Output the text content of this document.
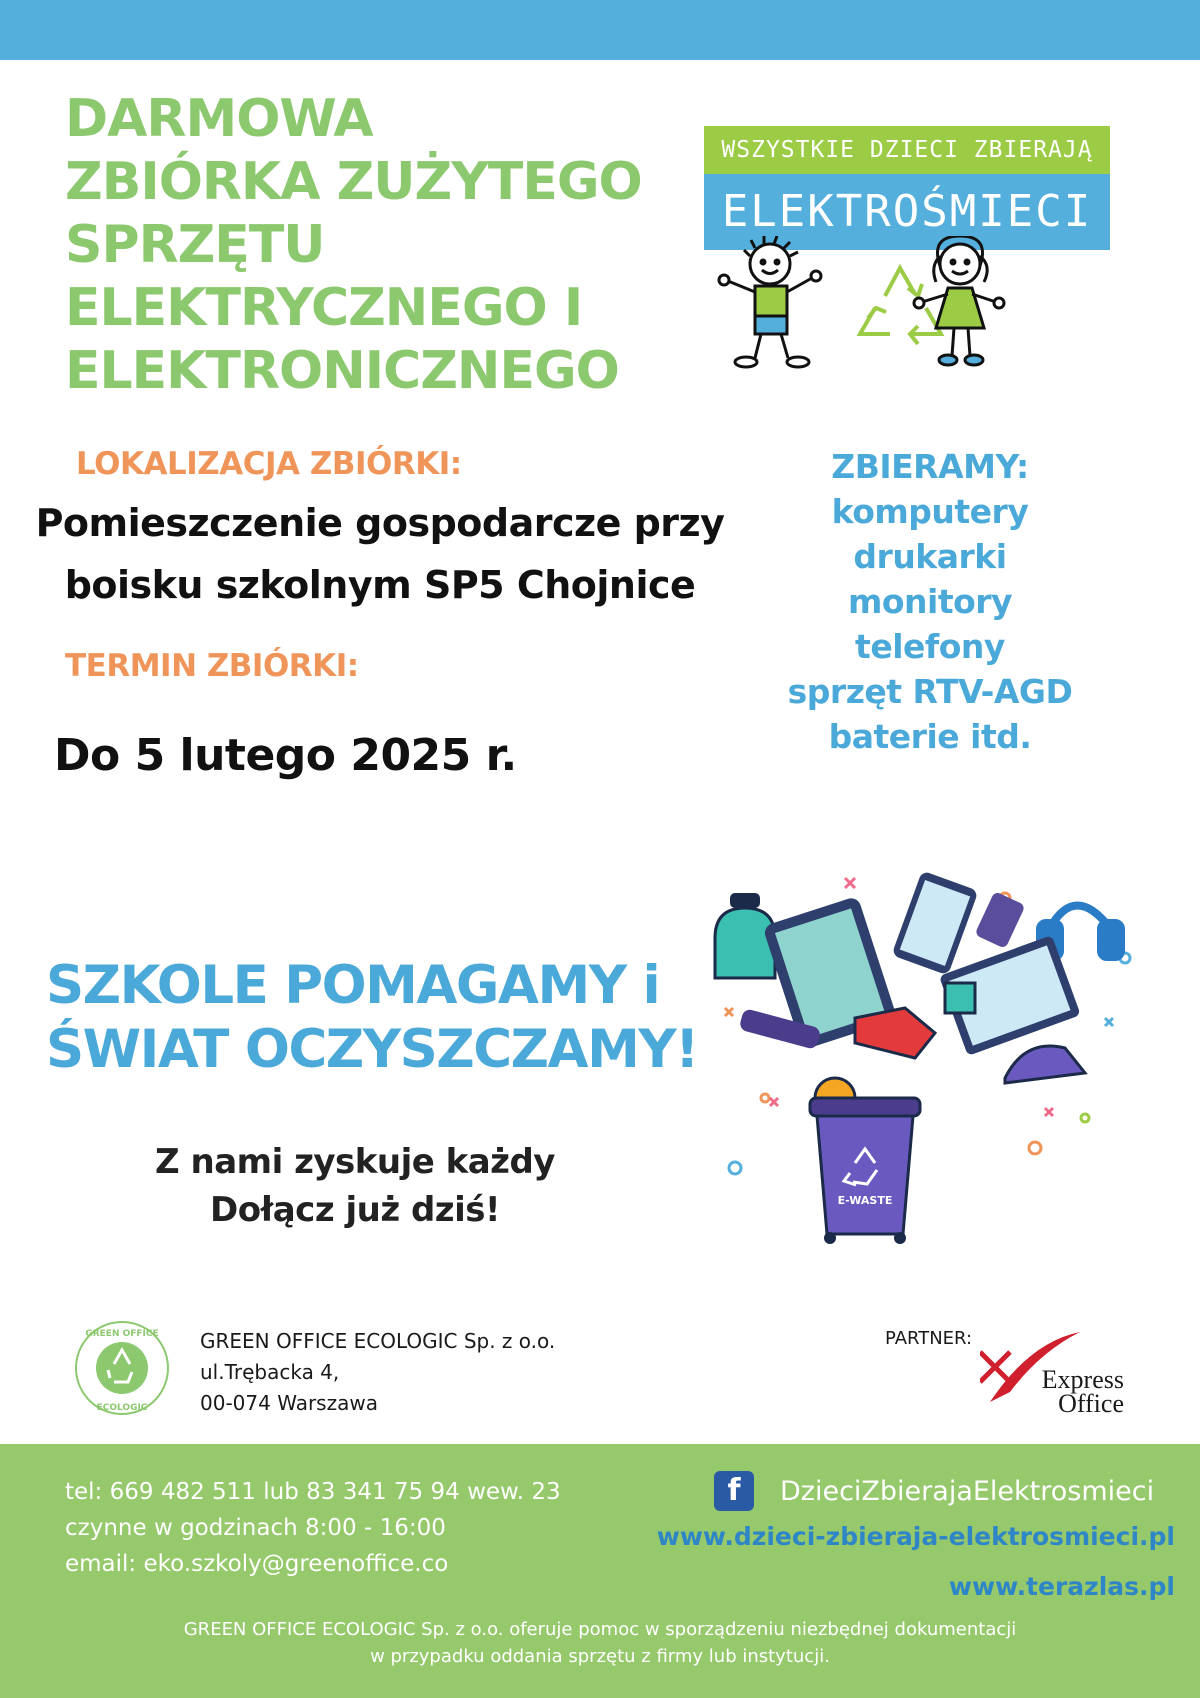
DARMOWA
ZBIÓRKA ZUŻYTEGO
SPRZĘTU
ELEKTRYCZNEGO I
ELEKTRONICZNEGO
WSZYSTKIE DZIECI ZBIERAJĄ
ELEKTROŚMIECI
LOKALIZACJA ZBIÓRKI:
Pomieszczenie gospodarcze przy
boisku szkolnym SP5 Chojnice
TERMIN ZBIÓRKI:
Do 5 lutego 2025 r.
ZBIERAMY:
komputery
drukarki
monitory
telefony
sprzęt RTV-AGD
baterie itd.
SZKOLE POMAGAMY i
ŚWIAT OCZYSZCZAMY!
Z nami zyskuje każdy
Dołącz już dziś!	E-WASTE
GREEN OFFICE
ECOLOGIC
GREEN OFFICE ECOLOGIC Sp. z o.o.
ul.Trębacka 4,
00-074 Warszawa
PARTNER:
Express
Office
tel: 669 482 511 lub 83 341 75 94 wew. 23
czynne w godzinach 8:00 - 16:00
email: eko.szkoly@greenoffice.co
f	DzieciZbierajaElektrosmieci
www.dzieci-zbieraja-elektrosmieci.pl
www.terazlas.pl
GREEN OFFICE ECOLOGIC Sp. z o.o. oferuje pomoc w sporządzeniu niezbędnej dokumentacji
w przypadku oddania sprzętu z firmy lub instytucji.
